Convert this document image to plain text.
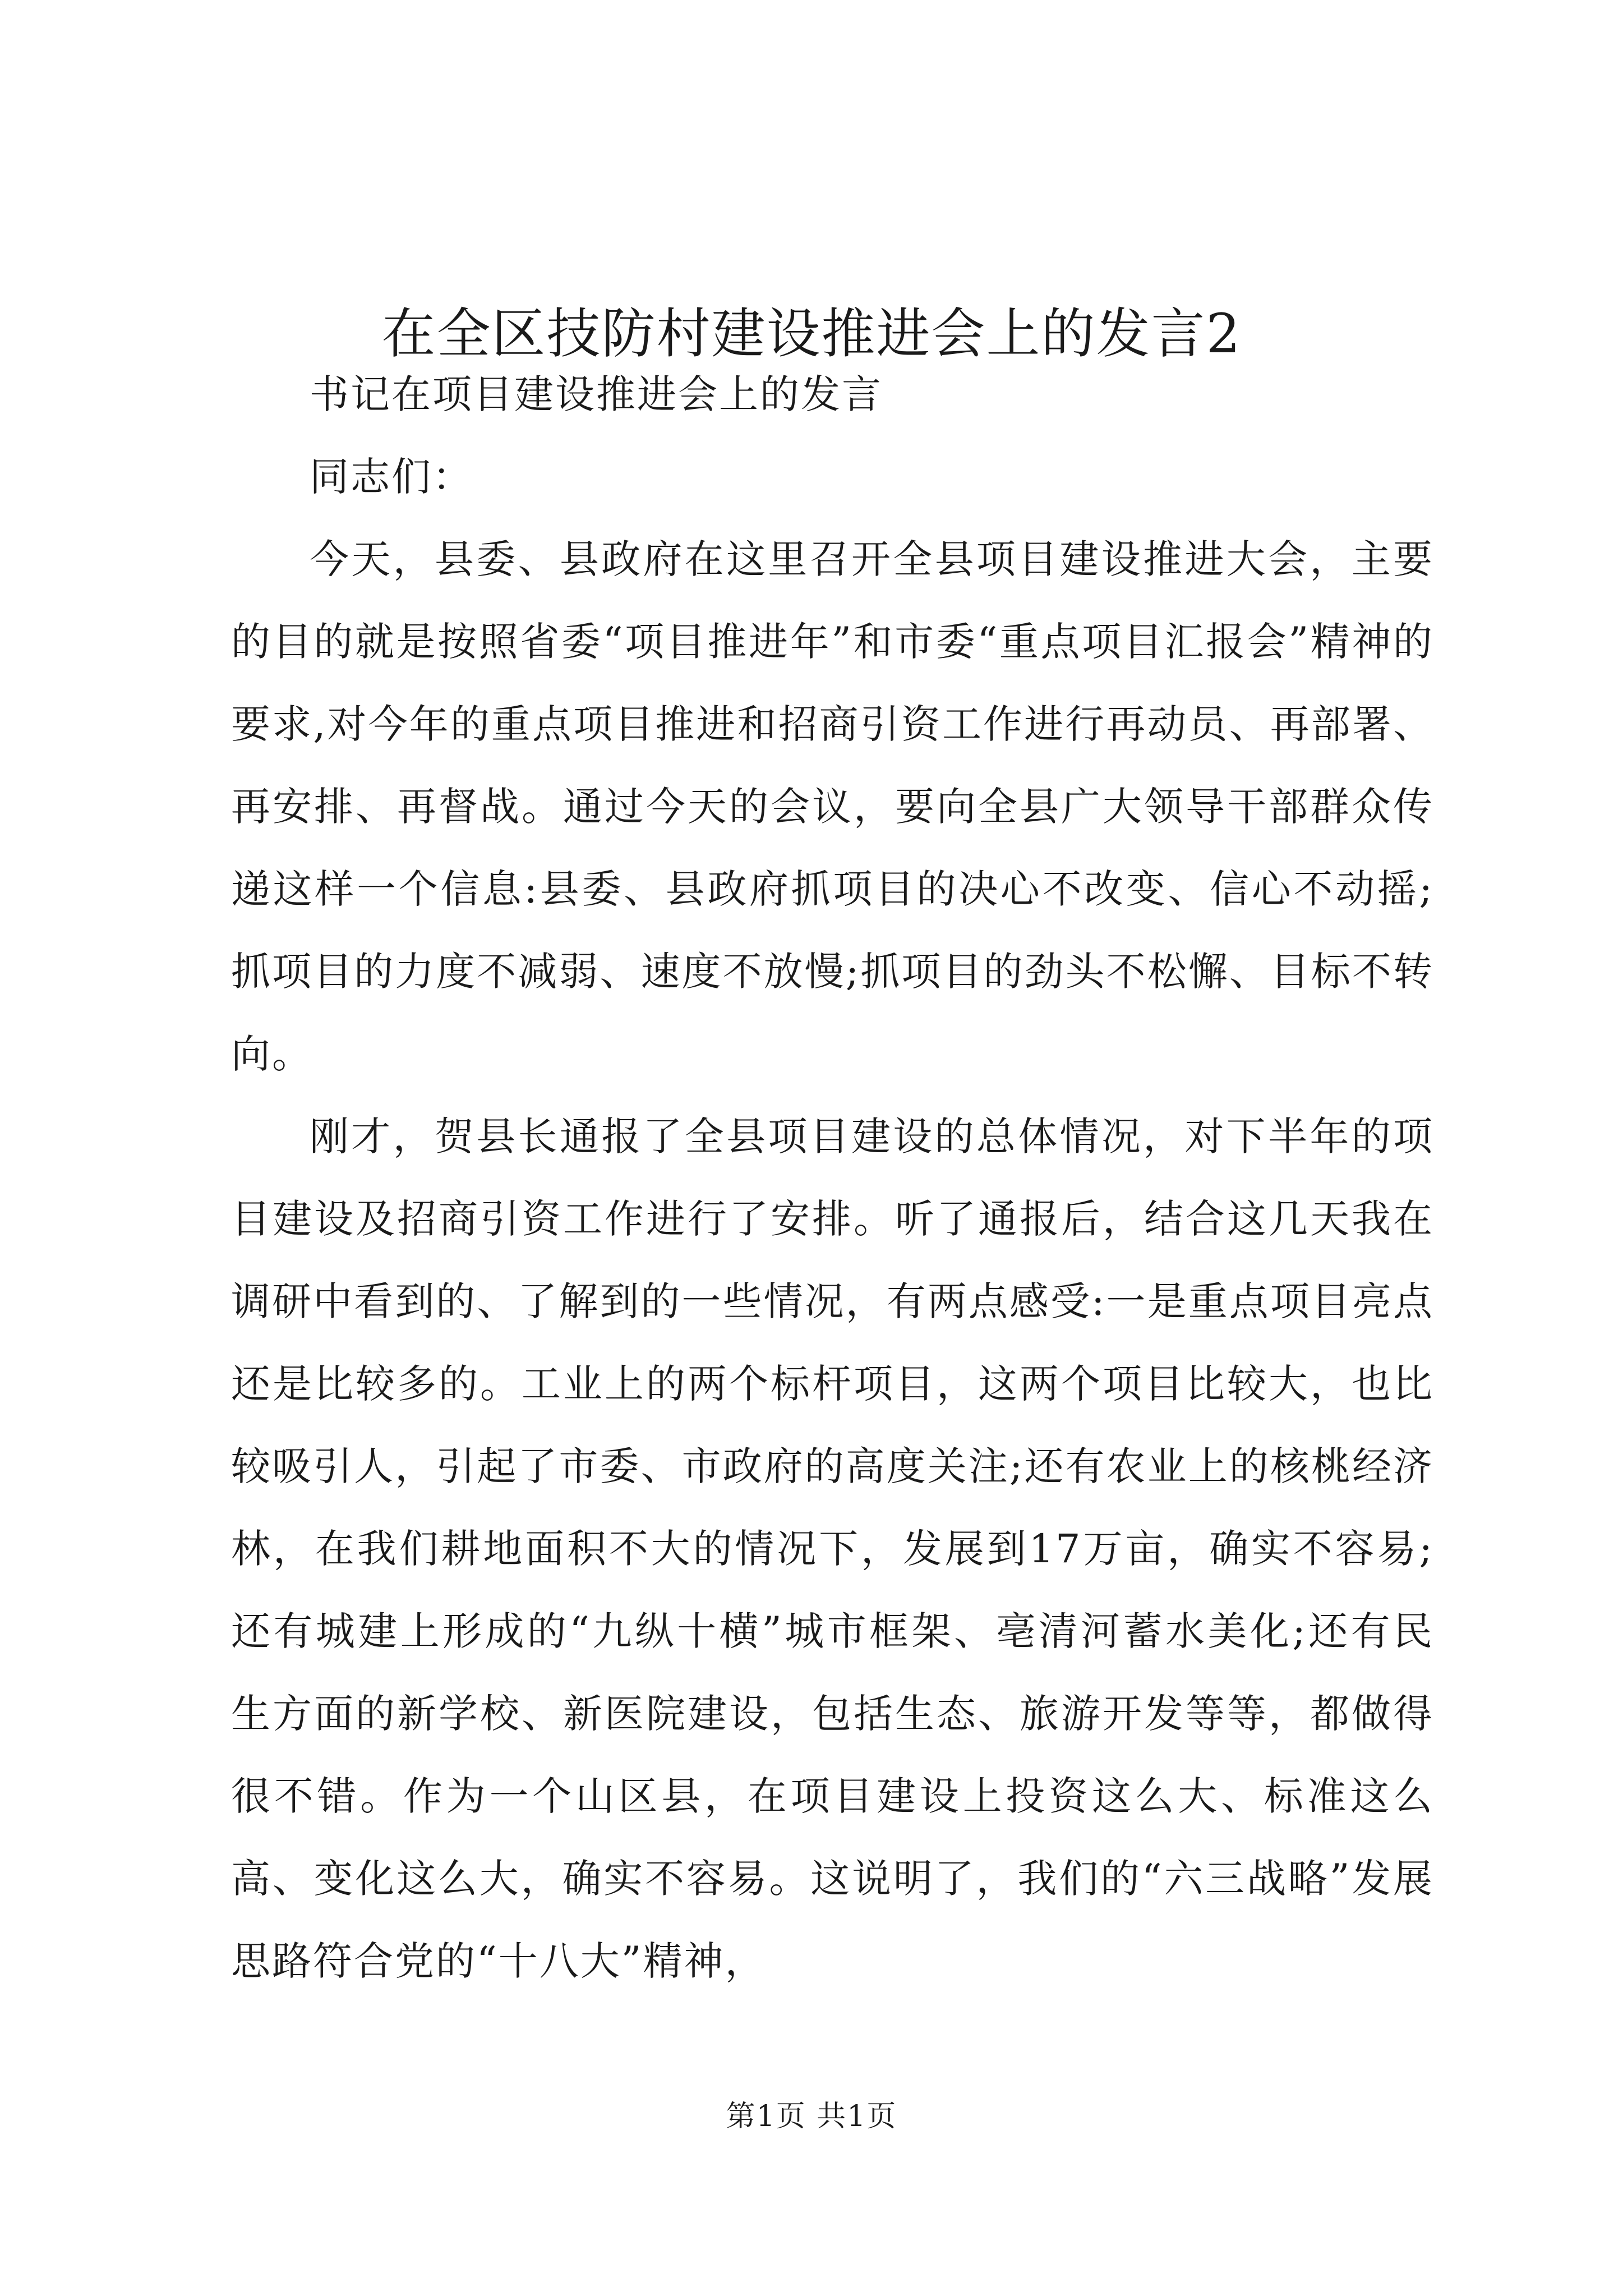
在全区技防村建设推进会上的发言2

书记在项目建设推进会上的发言

同志们：

今天，县委、县政府在这里召开全县项目建设推进大会，主要的目的就是按照省委“项目推进年”和市委“重点项目汇报会”精神的要求,对今年的重点项目推进和招商引资工作进行再动员、再部署、再安排、再督战。通过今天的会议，要向全县广大领导干部群众传递这样一个信息:县委、县政府抓项目的决心不改变、信心不动摇;抓项目的力度不减弱、速度不放慢;抓项目的劲头不松懈、目标不转向。

刚才，贺县长通报了全县项目建设的总体情况，对下半年的项目建设及招商引资工作进行了安排。听了通报后，结合这几天我在调研中看到的、了解到的一些情况，有两点感受:一是重点项目亮点还是比较多的。工业上的两个标杆项目，这两个项目比较大，也比较吸引人，引起了市委、市政府的高度关注;还有农业上的核桃经济林，在我们耕地面积不大的情况下，发展到17万亩，确实不容易;还有城建上形成的“九纵十横”城市框架、亳清河蓄水美化;还有民生方面的新学校、新医院建设，包括生态、旅游开发等等，都做得很不错。作为一个山区县，在项目建设上投资这么大、标准这么高、变化这么大，确实不容易。这说明了，我们的“六三战略”发展思路符合党的“十八大”精神，

第1页 共1页
